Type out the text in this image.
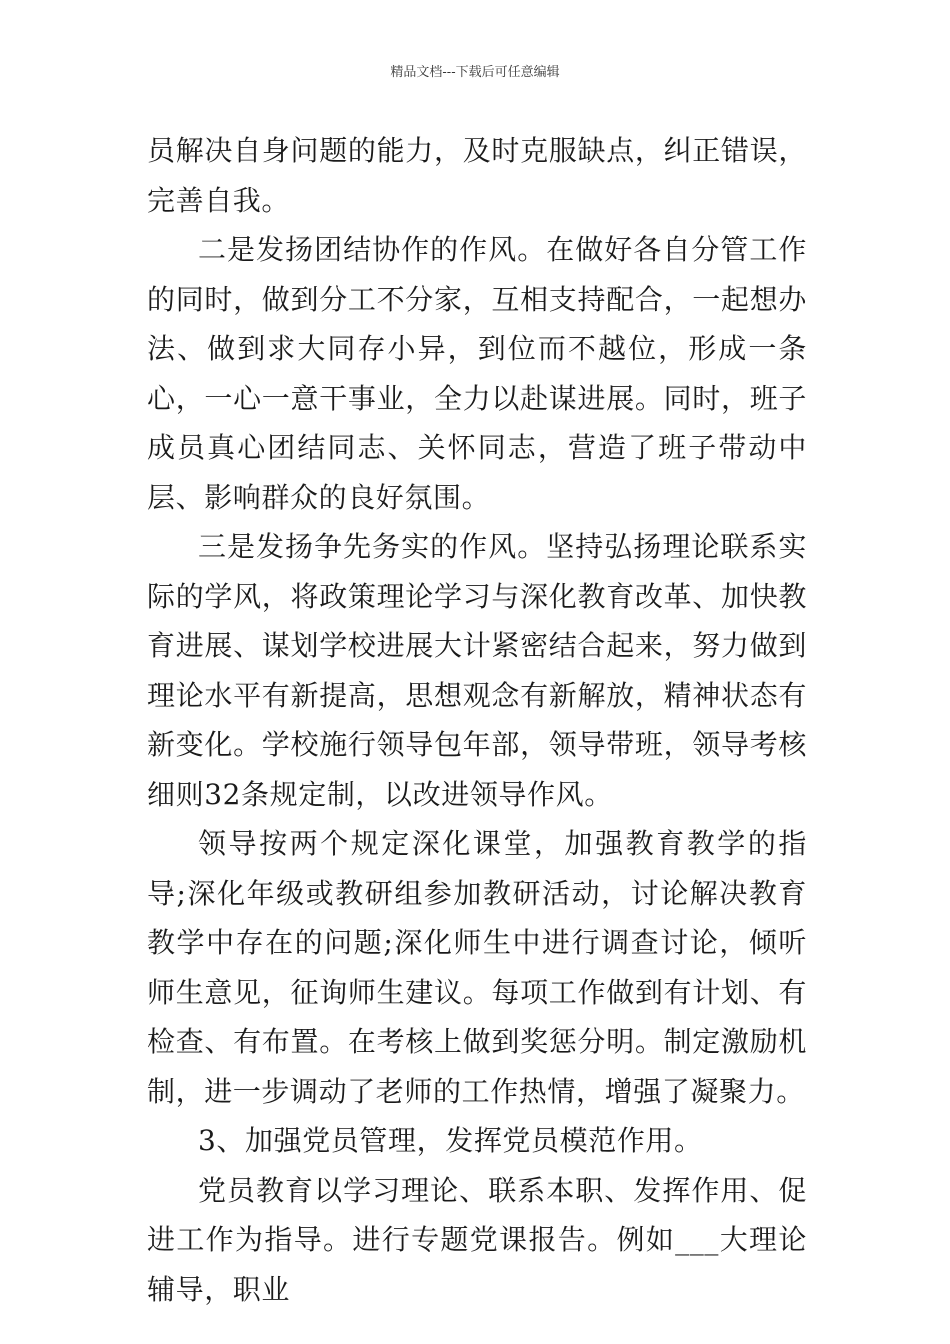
精品文档---下载后可任意编辑

员解决自身问题的能力，及时克服缺点，纠正错误，完善自我。

二是发扬团结协作的作风。在做好各自分管工作的同时，做到分工不分家，互相支持配合，一起想办法、做到求大同存小异，到位而不越位，形成一条心，一心一意干事业，全力以赴谋进展。同时，班子成员真心团结同志、关怀同志，营造了班子带动中层、影响群众的良好氛围。

三是发扬争先务实的作风。坚持弘扬理论联系实际的学风，将政策理论学习与深化教育改革、加快教育进展、谋划学校进展大计紧密结合起来，努力做到理论水平有新提高，思想观念有新解放，精神状态有新变化。学校施行领导包年部，领导带班，领导考核细则32条规定制，以改进领导作风。

领导按两个规定深化课堂，加强教育教学的指导;深化年级或教研组参加教研活动，讨论解决教育教学中存在的问题;深化师生中进行调查讨论，倾听师生意见，征询师生建议。每项工作做到有计划、有检查、有布置。在考核上做到奖惩分明。制定激励机制，进一步调动了老师的工作热情，增强了凝聚力。

3、加强党员管理，发挥党员模范作用。

党员教育以学习理论、联系本职、发挥作用、促进工作为指导。进行专题党课报告。例如___大理论辅导，职业
